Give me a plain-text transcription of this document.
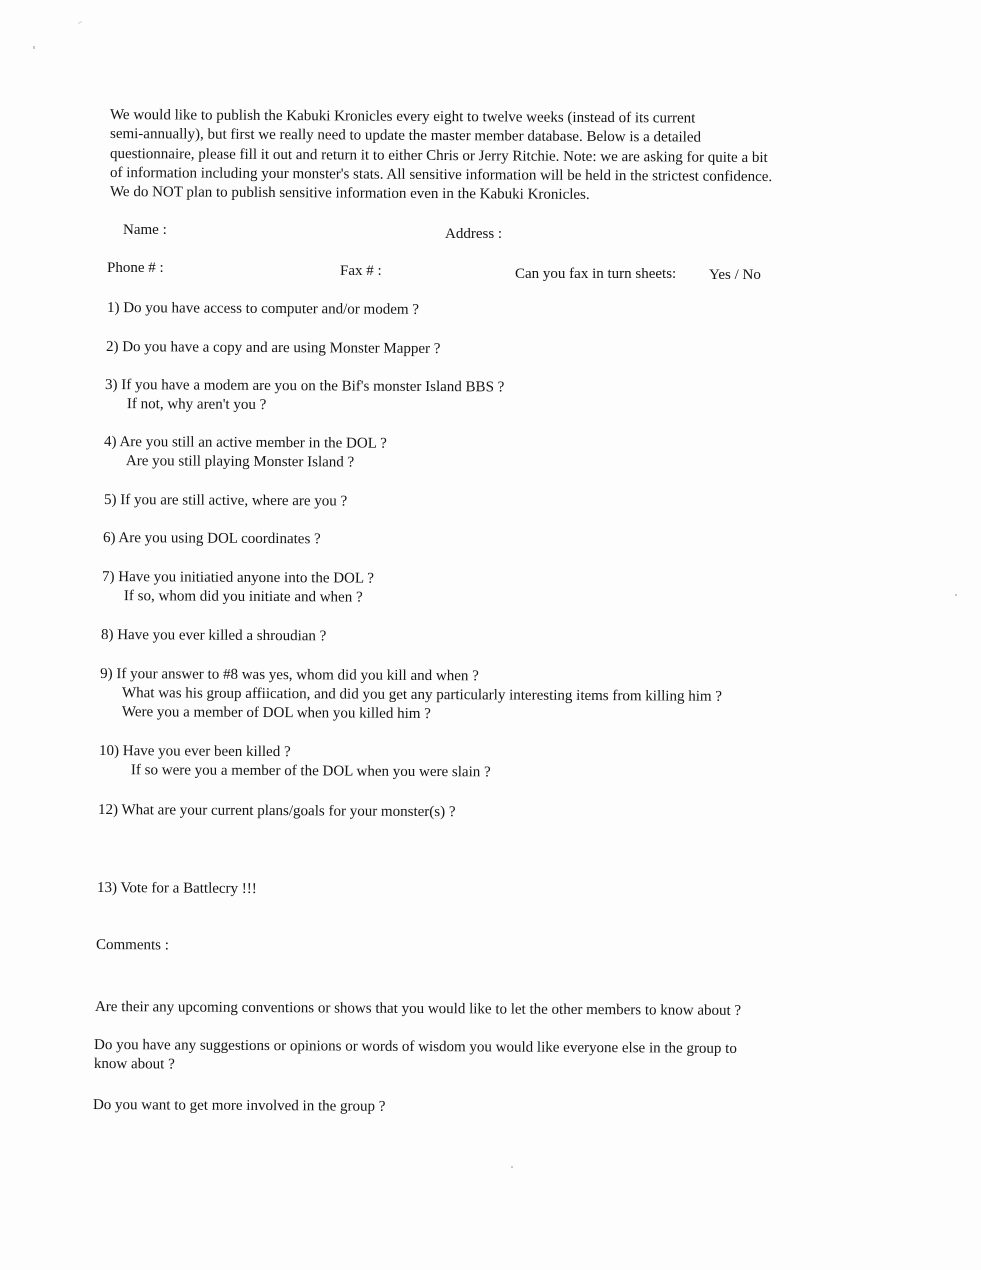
We would like to publish the Kabuki Kronicles every eight to twelve weeks (instead of its current
semi-annually), but first we really need to update the master member database. Below is a detailed
questionnaire, please fill it out and return it to either Chris or Jerry Ritchie. Note: we are asking for quite a bit
of information including your monster's stats. All sensitive information will be held in the strictest confidence.
We do NOT plan to publish sensitive information even in the Kabuki Kronicles.
Name :	Address :
Phone # :	Fax # :	Can you fax in turn sheets: Yes / No
1) Do you have access to computer and/or modem ?
2) Do you have a copy and are using Monster Mapper ?
3) If you have a modem are you on the Bif's monster Island BBS ?
If not, why aren't you ?
4) Are you still an active member in the DOL ?
Are you still playing Monster Island ?
5) If you are still active, where are you ?
6) Are you using DOL coordinates ?
7) Have you initiatied anyone into the DOL ?
If so, whom did you initiate and when ?
8) Have you ever killed a shroudian ?
9) If your answer to #8 was yes, whom did you kill and when ?
What was his group affiication, and did you get any particularly interesting items from killing him ?
Were you a member of DOL when you killed him ?
10) Have you ever been killed ?
If so were you a member of the DOL when you were slain ?
12) What are your current plans/goals for your monster(s) ?
13) Vote for a Battlecry !!!
Comments :
Are their any upcoming conventions or shows that you would like to let the other members to know about ?
Do you have any suggestions or opinions or words of wisdom you would like everyone else in the group to
know about ?
Do you want to get more involved in the group ?
